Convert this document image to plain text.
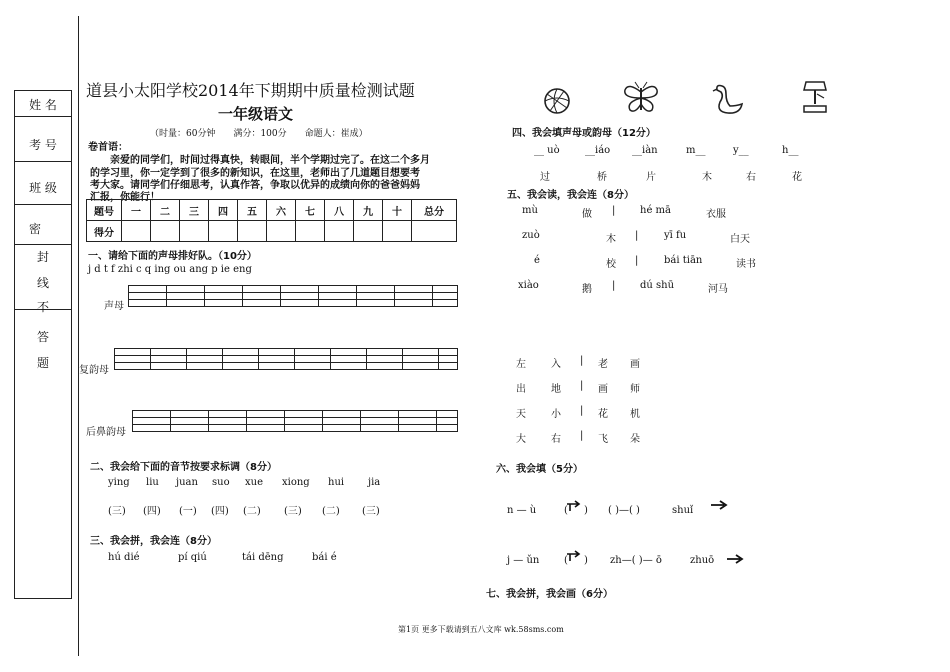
姓 名
考 号
班 级
密
封
线
不
答
题
道县小太阳学校2014年下期期中质量检测试题
一年级语文
（时量：60分钟　　满分：100分　　命题人：崔成）
卷首语：
亲爱的同学们，时间过得真快，转眼间，半个学期过完了。在这二个多月
的学习里，你一定学到了很多的新知识，在这里，老师出了几道题目想要考
考大家。请同学们仔细思考，认真作答，争取以优异的成绩向你的爸爸妈妈
汇报，你能行！
题号	一	二	三	四	五	六	七	八	九	十	总分
得分											
一、请给下面的声母排好队。（10分）
j d t f zhi c q ing ou ang p ie eng
声母
复韵母
后鼻韵母
二、我会给下面的音节按要求标调（8分）
ying liu juan suo xue xiong hui jia
(三) (四) (一) (四) (二) (三) (二) (三)
三、我会拼，我会连（8分）
hú dié	pí qiú	tái dēng	bái é
四、我会填声母或韵母（12分）
__ uò	__iáo __iàn	m__	y__	h__
过	桥	片	木	右	花
五、我会读，我会连（8分）
mù	做 | hé mā	衣服
zuò	木 |	yī fu	白天
é	校 |	bái tiān	读书
xiào	鹅 | dú shū	河马
左	入 | 老 画
出	地 | 画 师
天	小 | 花 机
大	右 | 飞 朵
六、我会填（5分）
n — ù	( ) ( )—( )	shuǐ
j — ǔn ( ) zh—( )— ō	zhuō
七、我会拼，我会画（6分）
第1页 更多下载请到五八文库 wk.58sms.com
